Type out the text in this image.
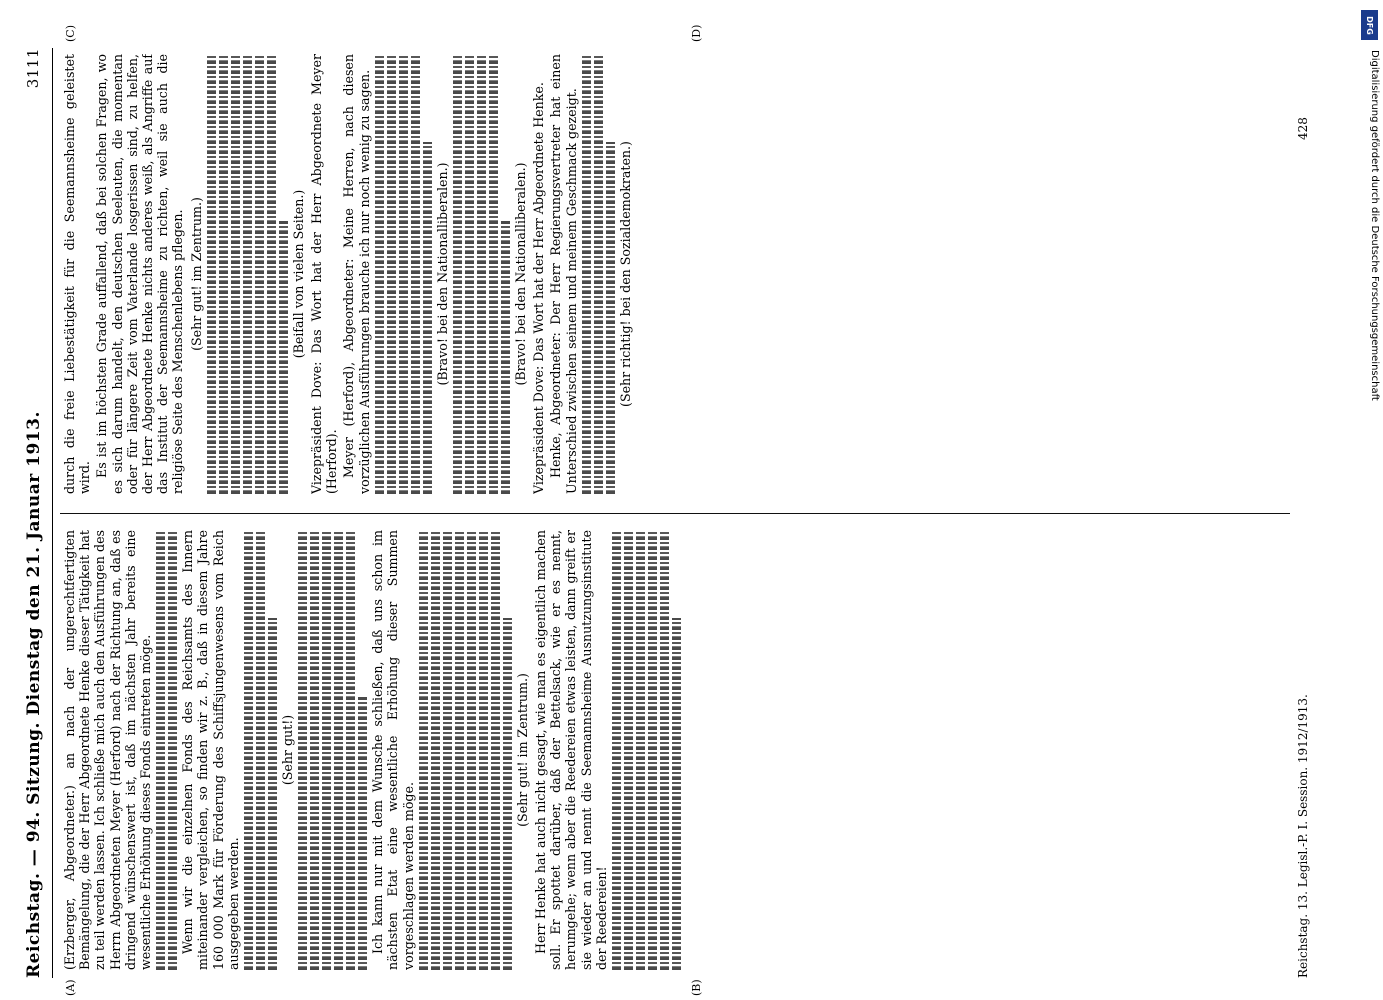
Reichstag. — 94. Sitzung. Dienstag den 21. Januar 1913.
3111
(A)	(B)
(C)	(D)

(Erzberger, Abgeordneter.) an nach der ungerechtfertigten Bemängelung, die der Herr Abgeordnete Henke dieser Tätigkeit hat zu teil werden lassen. Ich schließe mich auch den Ausführungen des Herrn Abgeordneten Meyer (Herford) nach der Richtung an, daß es dringend wünschenswert ist, daß im nächsten Jahr bereits eine wesentliche Erhöhung dieses Fonds eintreten möge. Wenn wir die einzelnen Fonds des Reichsamts des Innern miteinander vergleichen, so finden wir z. B., daß in diesem Jahre 160 000 Mark für Förderung des Schiffsjungenwesens vom Reich ausgegeben werden.

(Sehr gut!)	Ich kann nur mit dem Wunsche schließen, daß uns schon im nächsten Etat eine wesentliche Erhöhung dieser Summen vorgeschlagen werden möge.

(Sehr gut! im Zentrum.) Herr Henke hat auch nicht gesagt, wie man es eigentlich machen soll. Er spottet darüber, daß der Bettelsack, wie er es nennt, herumgehe; wenn aber die Reedereien etwas leisten, dann greift er sie wieder an und nennt die Seemannsheime Ausnutzungsinstitute der Reedereien!

durch die freie Liebestätigkeit für die Seemannsheime geleistet wird. Es ist im höchsten Grade auffallend, daß bei solchen Fragen, wo es sich darum handelt, den deutschen Seeleuten, die momentan oder für längere Zeit vom Vaterlande losgerissen sind, zu helfen, der Herr Abgeordnete Henke nichts anderes weiß, als Angriffe auf das Institut der Seemannsheime zu richten, weil sie auch die religiöse Seite des Menschenlebens pflegen. (Sehr gut! im Zentrum.)	(Beifall von vielen Seiten.) Vizepräsident Dove: Das Wort hat der Herr Abgeordnete Meyer (Herford). Meyer (Herford), Abgeordneter: Meine Herren, nach diesen vorzüglichen Ausführungen brauche ich nur noch wenig zu sagen.	(Bravo! bei den Nationalliberalen.)	(Bravo! bei den Nationalliberalen.) Vizepräsident Dove: Das Wort hat der Herr Abgeordnete Henke. Henke, Abgeordneter: Der Herr Regierungsvertreter hat einen Unterschied zwischen seinem und meinem Geschmack gezeigt.	(Sehr richtig! bei den Sozialdemokraten.)

Reichstag. 13. Legisl.-P. I. Session. 1912/1913.
428
DFG
Digitalisierung gefördert durch die Deutsche Forschungsgemeinschaft
